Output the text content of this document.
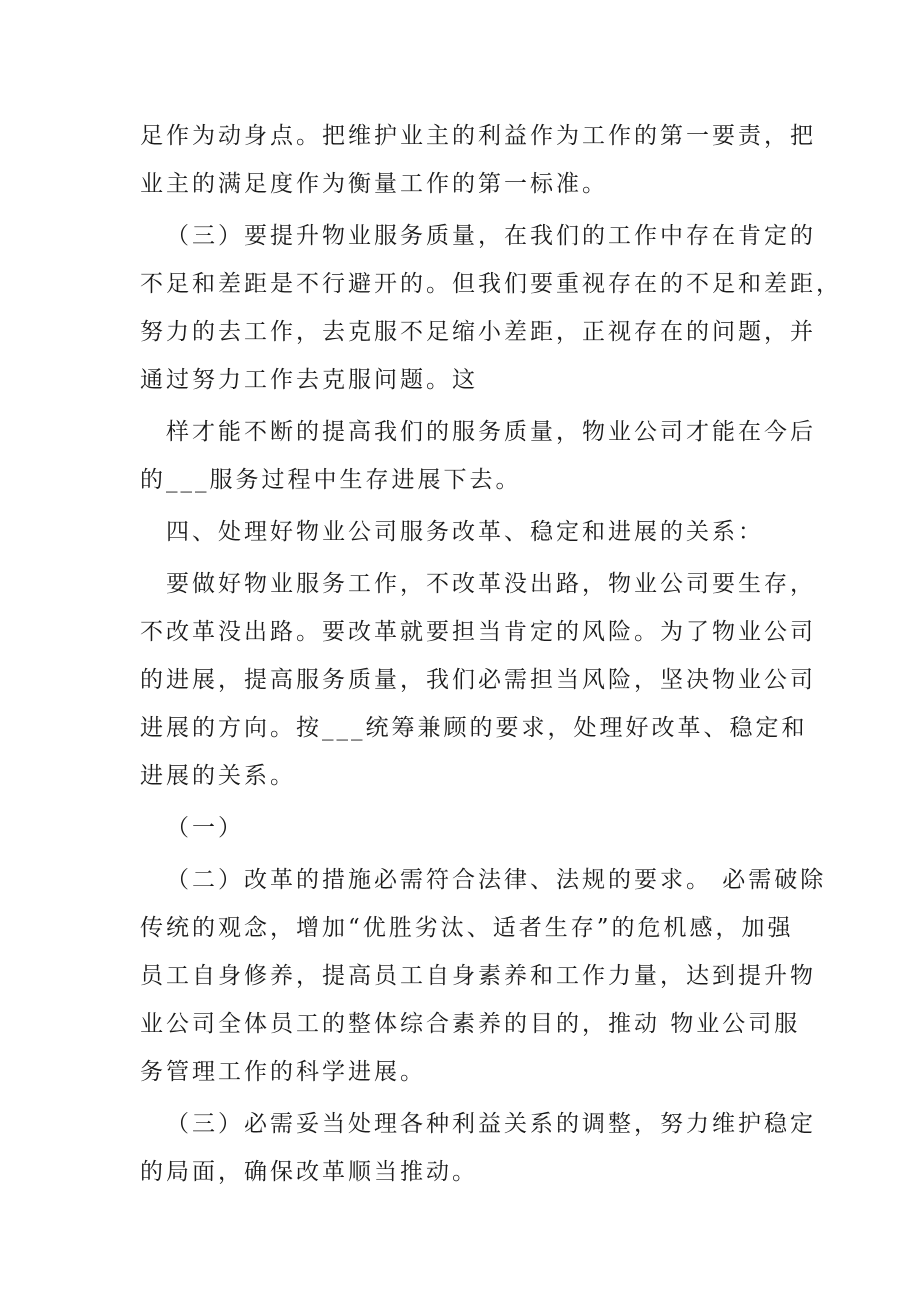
足作为动身点。把维护业主的利益作为工作的第一要责，把
业主的满足度作为衡量工作的第一标准。

（三）要提升物业服务质量，在我们的工作中存在肯定的
不足和差距是不行避开的。但我们要重视存在的不足和差距，
努力的去工作，去克服不足缩小差距，正视存在的问题，并
通过努力工作去克服问题。这

样才能不断的提高我们的服务质量，物业公司才能在今后
的___服务过程中生存进展下去。

四、处理好物业公司服务改革、稳定和进展的关系：

要做好物业服务工作，不改革没出路，物业公司要生存，
不改革没出路。要改革就要担当肯定的风险。为了物业公司
的进展，提高服务质量，我们必需担当风险，坚决物业公司
进展的方向。按___统筹兼顾的要求，处理好改革、稳定和
进展的关系。

（一）

（二）改革的措施必需符合法律、法规的要求。 必需破除
传统的观念，增加“优胜劣汰、适者生存”的危机感，加强
员工自身修养，提高员工自身素养和工作力量，达到提升物
业公司全体员工的整体综合素养的目的，推动 物业公司服
务管理工作的科学进展。

（三）必需妥当处理各种利益关系的调整，努力维护稳定
的局面，确保改革顺当推动。
